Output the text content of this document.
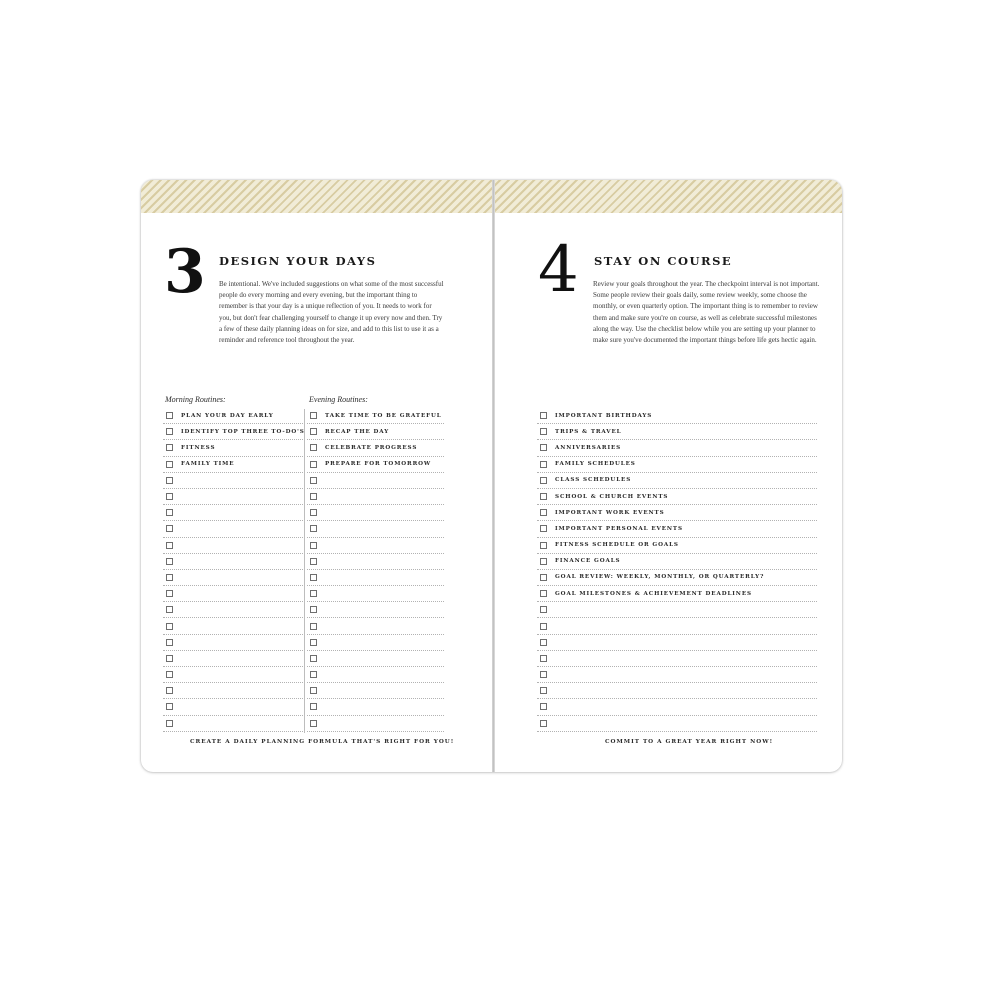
3 DESIGN YOUR DAYS

Be intentional. We've included suggestions on what some of the most successful people do every morning and every evening, but the important thing to remember is that your day is a unique reflection of you. It needs to work for you, but don't fear challenging yourself to change it up every now and then. Try a few of these daily planning ideas on for size, and add to this list to use it as a reminder and reference tool throughout the year.

Morning Routines:	Evening Routines:
PLAN YOUR DAY EARLY
IDENTIFY TOP THREE TO-DO'S
FITNESS
FAMILY TIME
TAKE TIME TO BE GRATEFUL
RECAP THE DAY
CELEBRATE PROGRESS
PREPARE FOR TOMORROW
CREATE A DAILY PLANNING FORMULA THAT'S RIGHT FOR YOU!
4 STAY ON COURSE

Review your goals throughout the year. The checkpoint interval is not important. Some people review their goals daily, some review weekly, some choose the monthly, or even quarterly option. The important thing is to remember to review them and make sure you're on course, as well as celebrate successful milestones along the way. Use the checklist below while you are setting up your planner to make sure you've documented the important things before life gets hectic again.

IMPORTANT BIRTHDAYS
TRIPS & TRAVEL
ANNIVERSARIES
FAMILY SCHEDULES
CLASS SCHEDULES
SCHOOL & CHURCH EVENTS
IMPORTANT WORK EVENTS
IMPORTANT PERSONAL EVENTS
FITNESS SCHEDULE OR GOALS
FINANCE GOALS
GOAL REVIEW: WEEKLY, MONTHLY, OR QUARTERLY?
GOAL MILESTONES & ACHIEVEMENT DEADLINES
COMMIT TO A GREAT YEAR RIGHT NOW!
